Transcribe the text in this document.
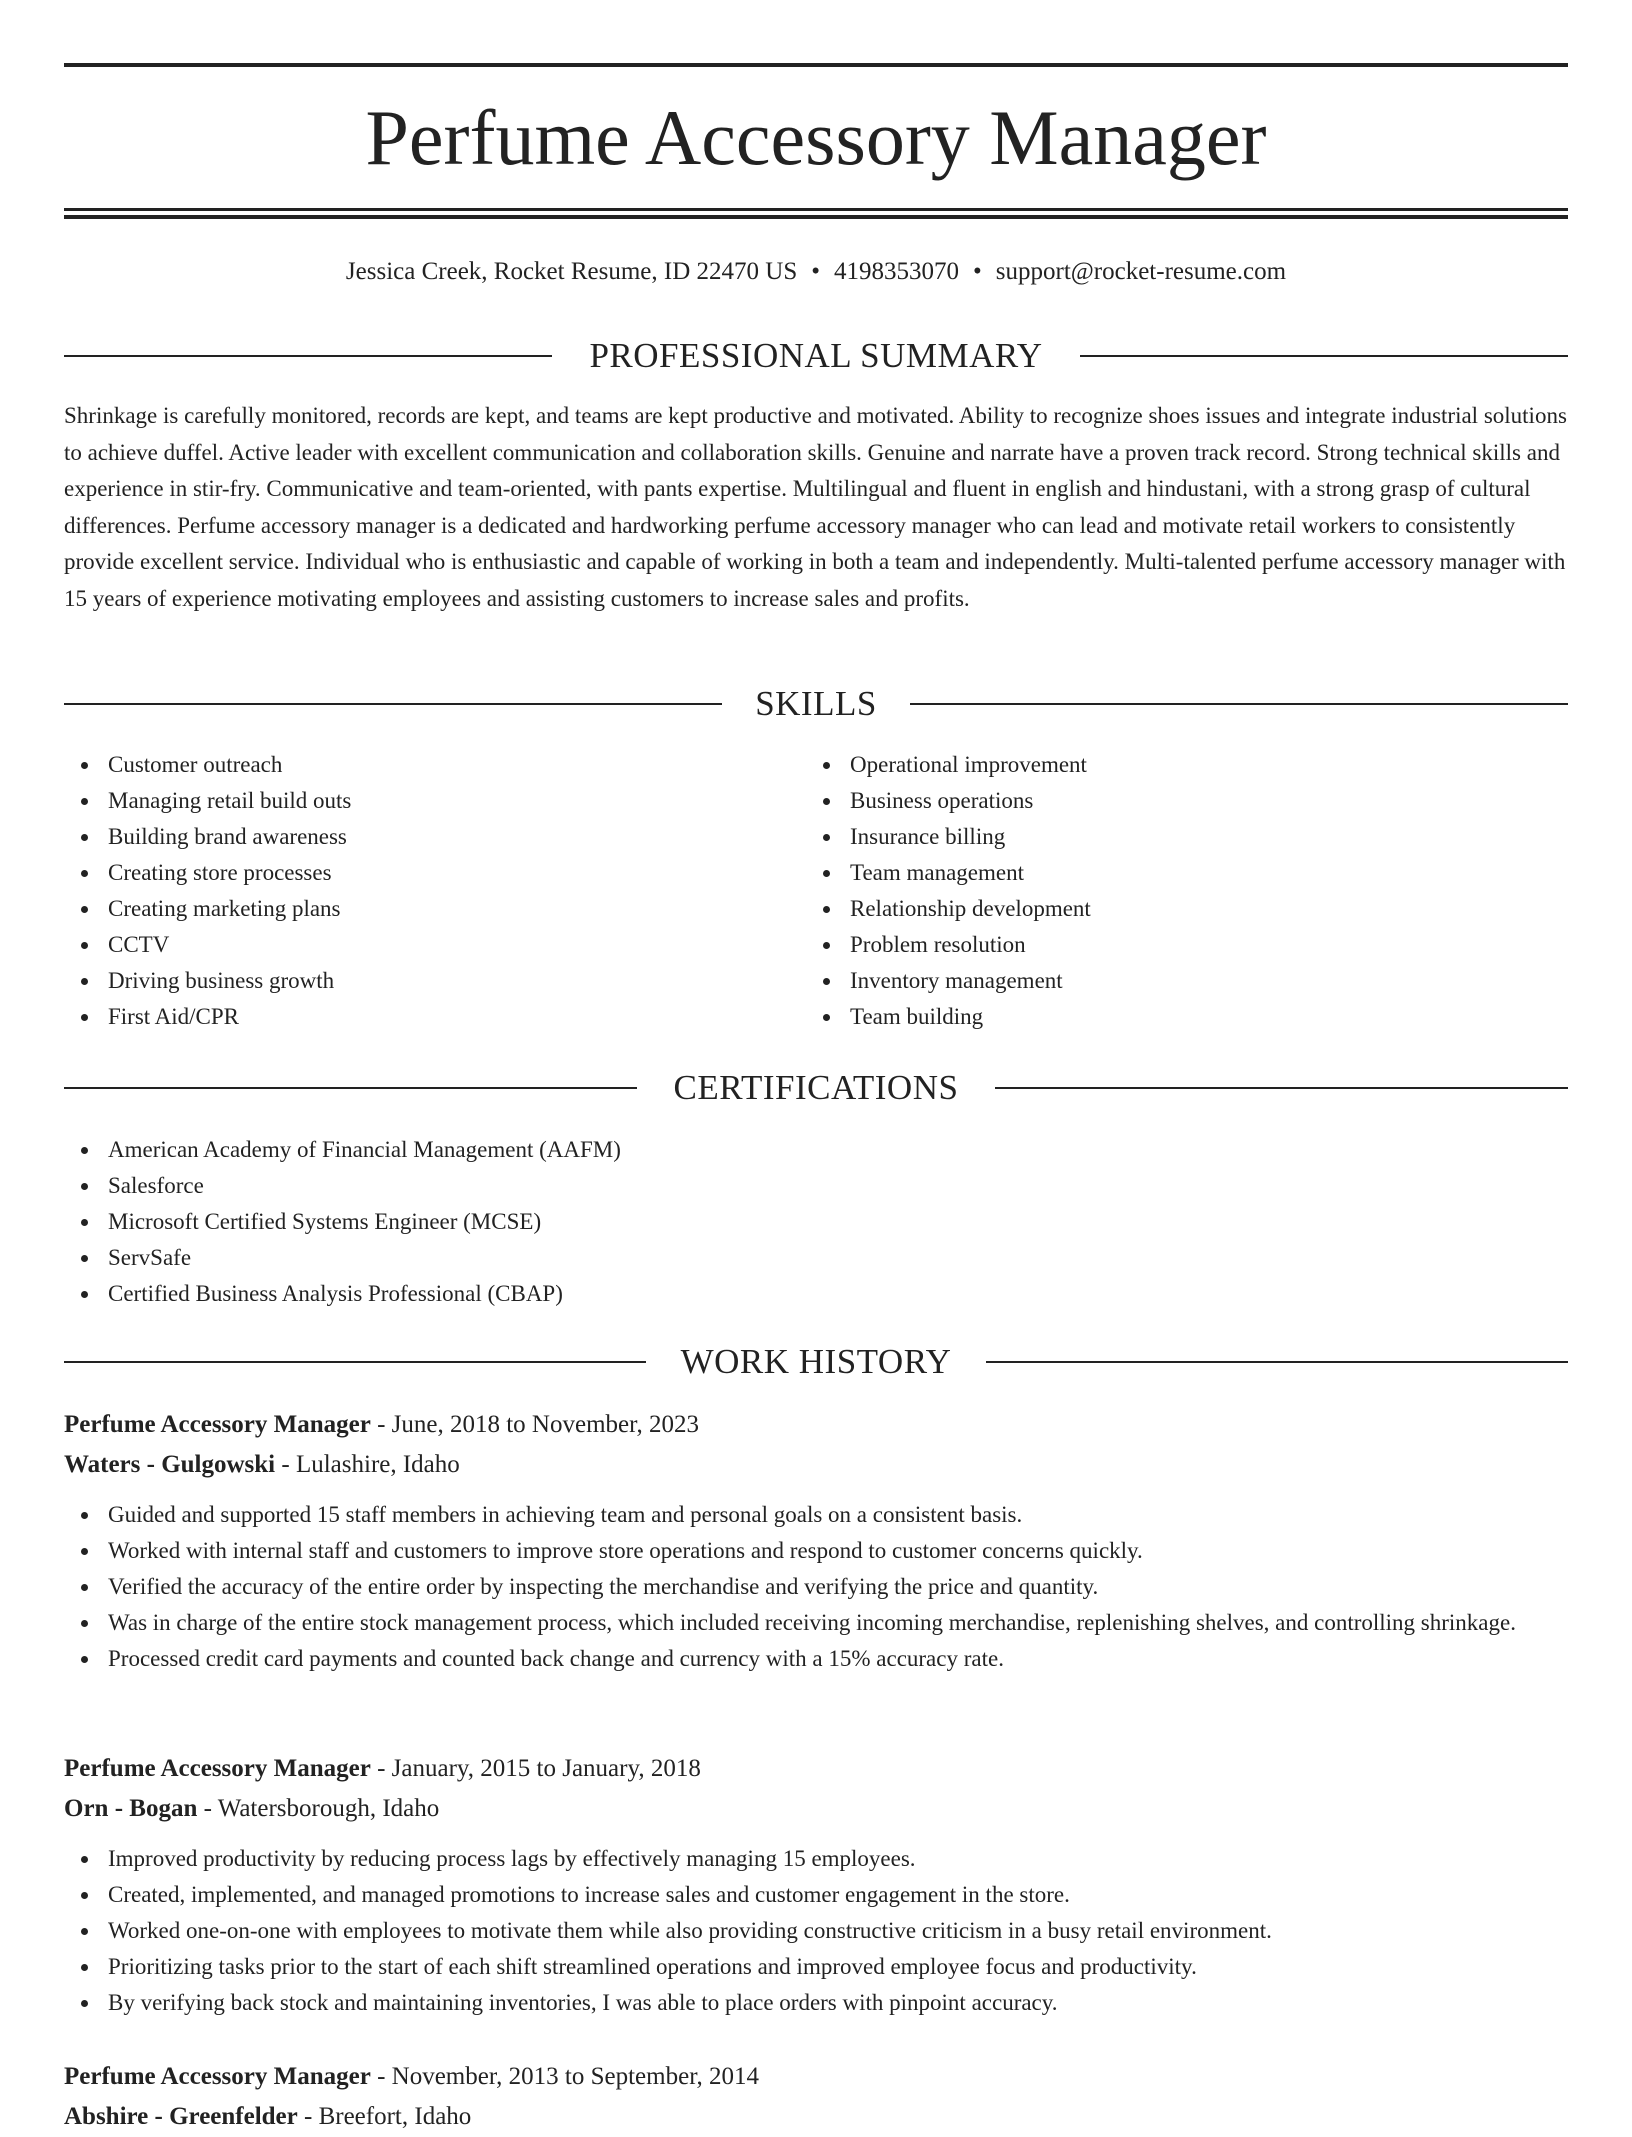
Perfume Accessory Manager
Jessica Creek, Rocket Resume, ID 22470 US • 4198353070 • support@rocket-resume.com
PROFESSIONAL SUMMARY

Shrinkage is carefully monitored, records are kept, and teams are kept productive and motivated. Ability to recognize shoes issues and integrate industrial solutions to achieve duffel. Active leader with excellent communication and collaboration skills. Genuine and narrate have a proven track record. Strong technical skills and experience in stir-fry. Communicative and team-oriented, with pants expertise. Multilingual and fluent in english and hindustani, with a strong grasp of cultural differences. Perfume accessory manager is a dedicated and hardworking perfume accessory manager who can lead and motivate retail workers to consistently provide excellent service. Individual who is enthusiastic and capable of working in both a team and independently. Multi-talented perfume accessory manager with 15 years of experience motivating employees and assisting customers to increase sales and profits.

SKILLS
Customer outreach
Managing retail build outs
Building brand awareness
Creating store processes
Creating marketing plans
CCTV
Driving business growth
First Aid/CPR
Operational improvement
Business operations
Insurance billing
Team management
Relationship development
Problem resolution
Inventory management
Team building
CERTIFICATIONS
American Academy of Financial Management (AAFM)
Salesforce
Microsoft Certified Systems Engineer (MCSE)
ServSafe
Certified Business Analysis Professional (CBAP)
WORK HISTORY
Perfume Accessory Manager - June, 2018 to November, 2023
Waters - Gulgowski - Lulashire, Idaho
Guided and supported 15 staff members in achieving team and personal goals on a consistent basis.
Worked with internal staff and customers to improve store operations and respond to customer concerns quickly.
Verified the accuracy of the entire order by inspecting the merchandise and verifying the price and quantity.
Was in charge of the entire stock management process, which included receiving incoming merchandise, replenishing shelves, and controlling shrinkage.
Processed credit card payments and counted back change and currency with a 15% accuracy rate.
Perfume Accessory Manager - January, 2015 to January, 2018
Orn - Bogan - Watersborough, Idaho
Improved productivity by reducing process lags by effectively managing 15 employees.
Created, implemented, and managed promotions to increase sales and customer engagement in the store.
Worked one-on-one with employees to motivate them while also providing constructive criticism in a busy retail environment.
Prioritizing tasks prior to the start of each shift streamlined operations and improved employee focus and productivity.
By verifying back stock and maintaining inventories, I was able to place orders with pinpoint accuracy.
Perfume Accessory Manager - November, 2013 to September, 2014
Abshire - Greenfelder - Breefort, Idaho
